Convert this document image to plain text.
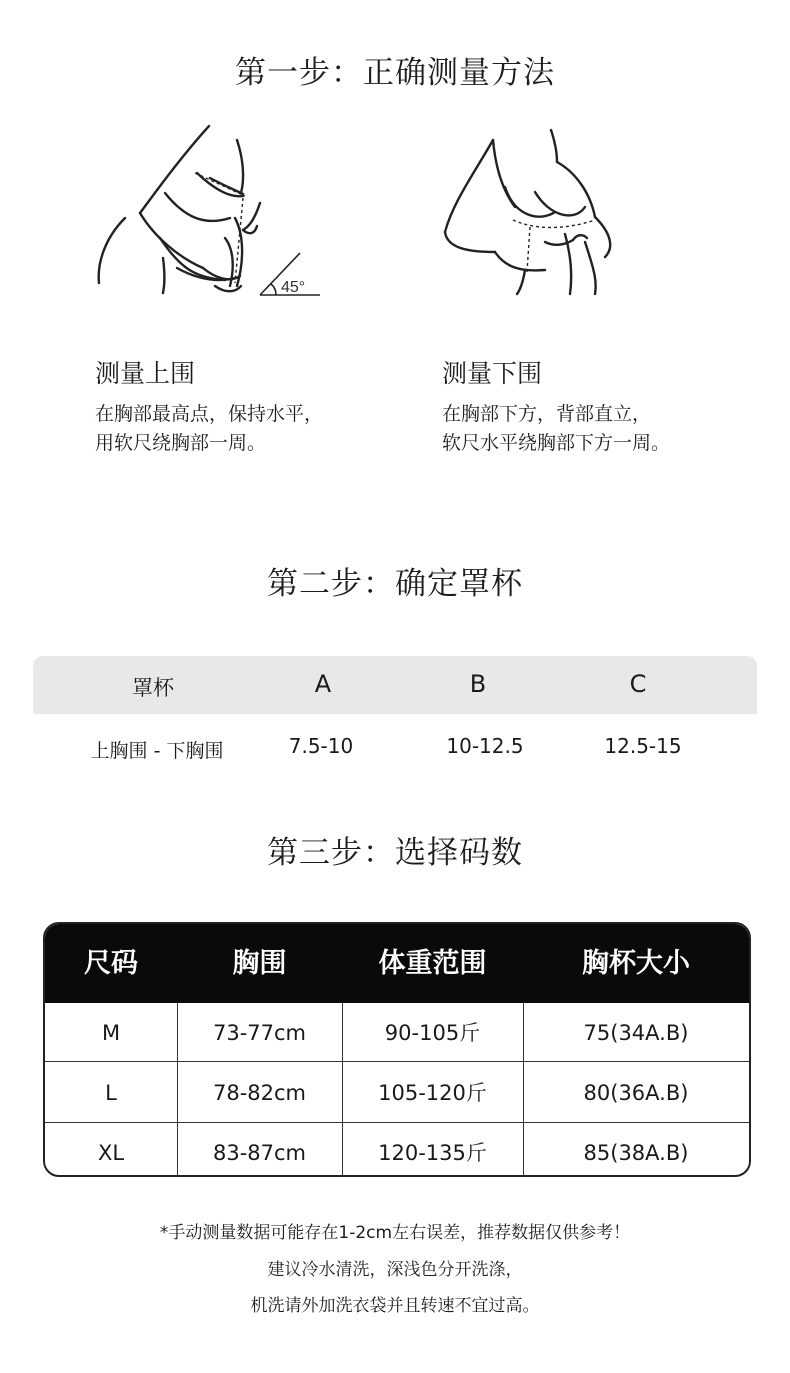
第一步：正确测量方法
45°
测量上围
在胸部最高点，保持水平，
用软尺绕胸部一周。
测量下围
在胸部下方，背部直立，
软尺水平绕胸部下方一周。
第二步：确定罩杯
罩杯	A	B	C
上胸围 - 下胸围	7.5-10	10-12.5	12.5-15
第三步：选择码数
尺码	胸围	体重范围	胸杯大小
M	73-77cm	90-105斤	75(34A.B)
L	78-82cm	105-120斤	80(36A.B)
XL	83-87cm	120-135斤	85(38A.B)
*手动测量数据可能存在1-2cm左右误差，推荐数据仅供参考！
建议冷水清洗，深浅色分开洗涤，
机洗请外加洗衣袋并且转速不宜过高。
